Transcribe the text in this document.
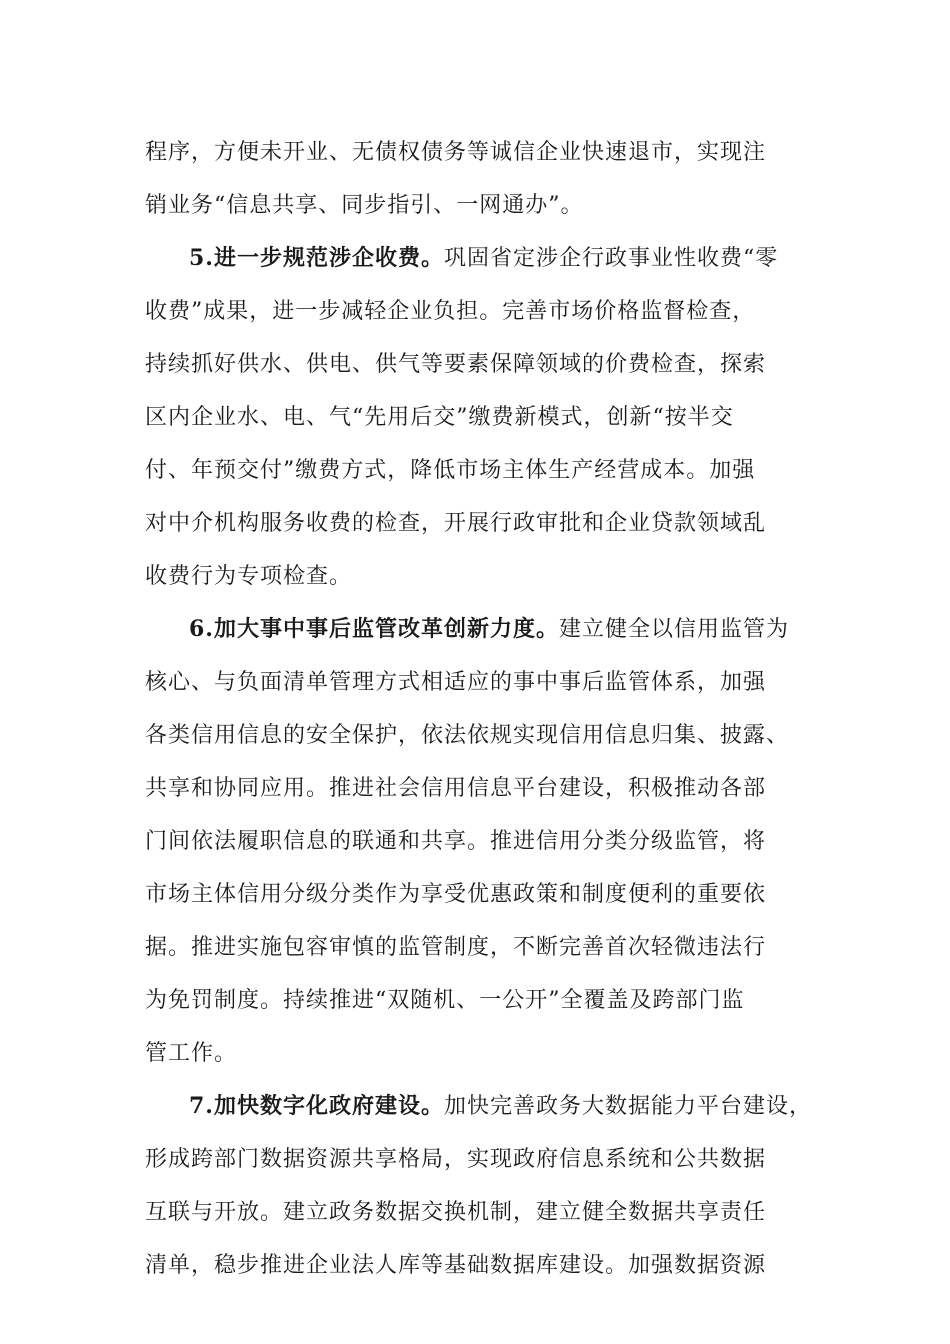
程序，方便未开业、无债权债务等诚信企业快速退市，实现注
销业务“信息共享、同步指引、一网通办”。
5.进一步规范涉企收费。巩固省定涉企行政事业性收费“零
收费”成果，进一步减轻企业负担。完善市场价格监督检查，
持续抓好供水、供电、供气等要素保障领域的价费检查，探索
区内企业水、电、气“先用后交”缴费新模式，创新“按半交
付、年预交付”缴费方式，降低市场主体生产经营成本。加强
对中介机构服务收费的检查，开展行政审批和企业贷款领域乱
收费行为专项检查。
6.加大事中事后监管改革创新力度。建立健全以信用监管为
核心、与负面清单管理方式相适应的事中事后监管体系，加强
各类信用信息的安全保护，依法依规实现信用信息归集、披露、
共享和协同应用。推进社会信用信息平台建设，积极推动各部
门间依法履职信息的联通和共享。推进信用分类分级监管，将
市场主体信用分级分类作为享受优惠政策和制度便利的重要依
据。推进实施包容审慎的监管制度，不断完善首次轻微违法行
为免罚制度。持续推进“双随机、一公开”全覆盖及跨部门监
管工作。
7.加快数字化政府建设。加快完善政务大数据能力平台建设，
形成跨部门数据资源共享格局，实现政府信息系统和公共数据
互联与开放。建立政务数据交换机制，建立健全数据共享责任
清单，稳步推进企业法人库等基础数据库建设。加强数据资源
